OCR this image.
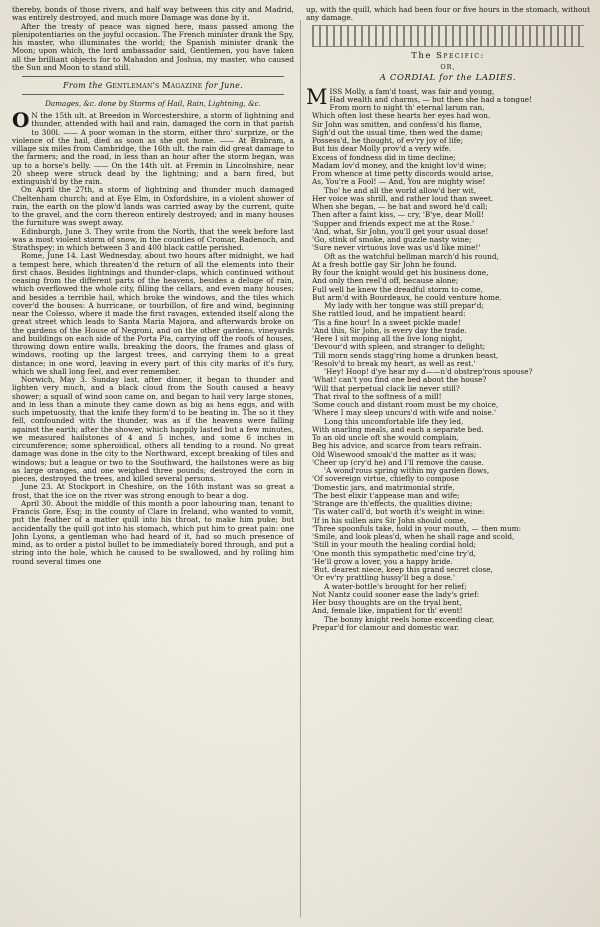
thereby, bonds of those rivers, and half way between this city and Madrid, was entirely destroyed, and much more Damage was done by it.

After the treaty of peace was signed here, mass passed among the plenipotentiaries on the joyful occasion. The French minister drank the Spy, his master, who illuminates the world; the Spanish minister drank the Moon; upon which, the lord ambassador said, Gentlemen, you have taken all the brilliant objects for to Mahadon and Joshua, my master, who caused the Sun and Moon to stand still.

From the Gentleman's Magazine for June.
Damages, &c. done by Storms of Hail, Rain, Lightning, &c.

O N the 15th ult. at Breedon in Worcestershire, a storm of lightning and thunder, attended with hail and rain, damaged the corn in that parish to 300l. —— A poor woman in the storm, either thro' surprize, or the violence of the hail, died as soon as she got home. —— At Brabram, a village six miles from Cambridge, the 16th ult. the rain did great damage to the farmers; and the road, in less than an hour after the storm began, was up to a horse's belly. —— On the 14th ult. at Fremin in Lincolnshire, near 20 sheep were struck dead by the lightning; and a barn fired, but extinguish'd by the rain.

On April the 27th, a storm of lightning and thunder much damaged Cheltenham church; and at Eye Elm, in Oxfordshire, in a violent shower of rain, the earth on the plow'd lands was carried away by the current, quite to the gravel, and the corn thereon entirely destroyed; and in many houses the furniture was swept away.

Edinburgh, June 3. They write from the North, that the week before last was a most violent storm of snow, in the counties of Cromar, Badenoch, and Strathspey; in which between 3 and 400 black cattle perished.

Rome, June 14. Last Wednesday, about two hours after midnight, we had a tempest here, which threaten'd the return of all the elements into their first chaos. Besides lightnings and thunder-claps, which continued without ceasing from the different parts of the heavens, besides a deluge of rain, which overflowed the whole city, filling the cellars, and even many houses; and besides a terrible hail, which broke the windows, and the tiles which cover'd the houses: A hurricane, or tourbillon, of fire and wind, beginning near the Colesso, where it made the first ravages, extended itself along the great street which leads to Santa Maria Majora, and afterwards broke on the gardens of the House of Negroni, and on the other gardens, vineyards and buildings on each side of the Porta Pia, carrying off the roofs of houses, throwing down entire walls, breaking the doors, the frames and glass of windows, rooting up the largest trees, and carrying them to a great distance; in one word, leaving in every part of this city marks of it's fury, which we shall long feel, and ever remember.

Norwich, May 3. Sunday last, after dinner, it began to thunder and lighten very much, and a black cloud from the South caused a heavy shower; a squall of wind soon came on, and began to hail very large stones, and in less than a minute they came down as big as hens eggs, and with such impetuosity, that the knife they form'd to be beating in. The so it they fell, confounded with the thunder, was as if the heavens were falling against the earth; after the shower, which happily lasted but a few minutes, we measured hailstones of 4 and 5 inches, and some 6 inches in circumference; some spheroidical, others all tending to a round. No great damage was done in the city to the Northward, except breaking of tiles and windows; but a league or two to the Southward, the hailstones were as big as large oranges, and one weighed three pounds; destroyed the corn in pieces, destroyed the trees, and killed several persons.

June 23. At Stockport in Cheshire, on the 16th instant was so great a frost, that the ice on the river was strong enough to bear a dog.

April 30. About the middle of this month a poor labouring man, tenant to Francis Gore, Esq; in the county of Clare in Ireland, who wanted to vomit, put the feather of a matter quill into his throat, to make him puke; but accidentally the quill got into his stomach, which put him to great pain: one John Lyons, a gentleman who had heard of it, had so much presence of mind, as to order a pistol bullet to be immediately bored through, and put a string into the hole, which he caused to be swallowed, and by rolling him round several times one

up, with the quill, which had been four or five hours in the stomach, without any damage.

The Specific:
OR,
A CORDIAL for the LADIES.
M ISS Molly, a fam'd toast, was fair and young,
Had wealth and charms, — but then she had a tongue!
From morn to night th' eternal larum ran,
Which often lost these hearts her eyes had won.
Sir John was smitten, and confess'd his flame,
Sigh'd out the usual time, then wed the dame;
Possess'd, he thought, of ev'ry joy of life;
But his dear Molly prov'd a very wife.
Excess of fondness did in time decline;
Madam lov'd money, and the knight lov'd wine;
From whence at time petty discords would arise,
As, You're a Fool! — And, You are mighty wise!
Tho' he and all the world allow'd her wit,
Her voice was shrill, and rather loud than sweet.
When she began, — he hat and sword he'd call;
Then after a faint kiss, — cry, 'B'ye, dear Moll!
'Supper and friends expect me at the Rose.'
'And, what, Sir John, you'll get your usual dose!
'Go, stink of smoke, and guzzle nasty wine;
'Sure never virtuous love was us'd like mine!'
Oft as the watchful bellman march'd his round,
At a fresh bottle gay Sir John he found.
By four the knight would get his business done,
And only then reel'd off, because alone;
Full well he knew the dreadful storm to come,
But arm'd with Bourdeaux, he could venture home.
My lady with her tongue was still prepar'd;
She rattled loud, and he impatient heard:
'Tis a fine hour! In a sweet pickle made!
'And this, Sir John, is every day the trade.
'Here I sit moping all the live long night,
'Devour'd with spleen, and stranger to delight;
'Till morn sends stagg'ring home a drunken beast,
'Resolv'd to break my heart, as well as rest.'
'Hey! Hoop! d'ye hear my d——n'd obstrep'rous spouse?
'What! can't you find one bed about the house?
'Will that perpetual clack lie never still?
'That rival to the softness of a mill!
'Some couch and distant room must be my choice,
'Where I may sleep uncurs'd with wife and noise.'
Long this uncomfortable life they led,
With snarling meals, and each a separate bed.
To an old uncle oft she would complain,
Beg his advice, and scarce from tears refrain.
Old Wisewood smoak'd the matter as it was;
'Cheer up (cry'd he) and I'll remove the cause.
'A wond'rous spring within my garden flows,
'Of sovereign virtue, chiefly to compose
'Domestic jars, and matrimonial strife,
'The best elixir t'appease man and wife;
'Strange are th'effects, the qualities divine;
'Tis water call'd, but worth it's weight in wine:
'If in his sullen airs Sir John should come,
'Three spoonfuls take, hold in your mouth, — then mum:
'Smile, and look pleas'd, when he shall rage and scold,
'Still in your mouth the healing cordial hold;
'One month this sympathetic med'cine try'd,
'He'll grow a lover, you a happy bride.
'But, dearest niece, keep this grand secret close,
'Or ev'ry prattling hussy'll beg a dose.'
A water-bottle's brought for her relief;
Not Nantz could sooner ease the lady's grief:
Her busy thoughts are on the tryal bent,
And, female like, impatient for th' event!
The bonny knight reels home exceeding clear,
Prepar'd for clamour and domestic war.
